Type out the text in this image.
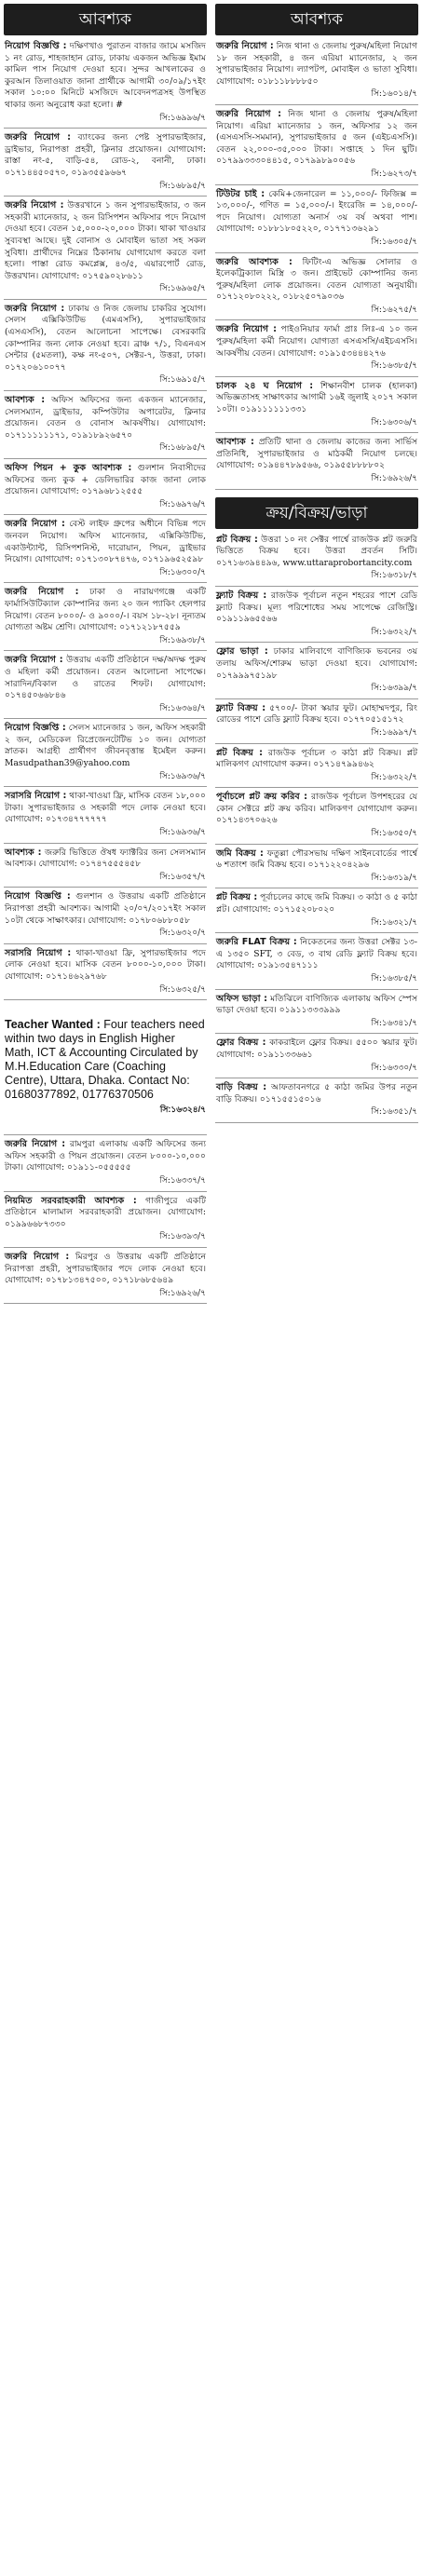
আবশ্যক
নিয়োগ বিজ্ঞপ্তি : দক্ষিণখাও পুরাতন বাজার জামে মসজিদ ১ নং রোড, শাহজাহান রোড, ঢাকায় একজন অভিজ্ঞ ইমাম কামিল পাস নিয়োগ দেওয়া হবে। সুন্দর আখলাকের ও কুরআন তিলাওয়াত জানা প্রার্থীকে আগামী ৩০/০৯/১৭ইং সকাল ১০:০০ মিনিটে মসজিদে আবেদনপত্রসহ উপস্থিত থাকার জন্য অনুরোধ করা হলো। #
সি:১৬৯৯৬/৭
জরুরি নিয়োগ : ব্যাংকের জন্য পেষ্ট সুপারভাইজার, ড্রাইভার, নিরাপত্তা প্রহরী, ক্লিনার প্রয়োজন। যোগাযোগ: রাস্তা নং-৫, বাড়ি-৫৪, রোড-২, বনানী, ঢাকা। ০১৭১৪৪৫০৫৭০, ০১৯৩৫৫৯৬৬৭
সি:১৬৮৯৫/৭
জরুরি নিয়োগ : উত্তরখানে ১ জন সুপারভাইজার, ৩ জন সহকারী ম্যানেজার, ২ জন রিসিপশন অফিসার পদে নিয়োগ দেওয়া হবে। বেতন ১৫,০০০-২০,০০০ টাকা। থাকা খাওয়ার সুব্যবস্থা আছে। দুই বোনাস ও মোবাইল ভাতা সহ সকল সুবিধা। প্রার্থীদের নিম্নের ঠিকানায় যোগাযোগ করতে বলা হলো। পাস্তা রোড কমপ্লেক্স, ৪৩/৫, এয়ারপোর্ট রোড, উত্তরখান। যোগাযোগ: ০১৭৫৯০২৮৬১১
সি:১৬৯৬৫/৭
জরুরি নিয়োগ : ঢাকায় ও নিজ জেলায় চাকরির সুযোগ। সেলস এক্সিকিউটিভ (এমএসসি), সুপারভাইজার (এসএসসি), বেতন আলোচনা সাপেক্ষে। বেসরকারি কোম্পানির জন্য লোক নেওয়া হবে। ব্রাঞ্চ ৭/১, বিএনএস সেন্টার (৫মতলা), কক্ষ নং-৫০৭, সেক্টর-৭, উত্তরা, ঢাকা। ০১৭২০৬১০০৭৭
সি:১৬৯১৫/৭
আবশ্যক : অফিস অফিসের জন্য একজন ম্যানেজার, সেলসম্যান, ড্রাইভার, কম্পিউটার অপারেটর, ক্লিনার প্রয়োজন। বেতন ও বোনাস আকর্ষণীয়। যোগাযোগ: ০১৭১১১১১১৭১, ০১৯১৮৯২৬৫৭০
সি:১৬৮৯৫/৭
অফিস পিয়ন + কুক আবশ্যক : গুলশান নিবাসীদের অফিসের জন্য কুক + ডেলিভারির কাজ জানা লোক প্রয়োজন। যোগাযোগ: ০১৭৯৬৮১২৫৫৫
সি:১৬৯৭৬/৭
জরুরি নিয়োগ : বেস্ট লাইফ গ্রুপের অধীনে বিভিন্ন পদে জনবল নিয়োগ। অফিস ম্যানেজার, এক্সিকিউটিভ, একাউন্ট্যান্ট, রিসিপশনিস্ট, দারোয়ান, পিয়ন, ড্রাইভার নিয়োগ। যোগাযোগ: ০১৭১৩০৮৭৪৭৬, ০১৭১৯৬৫২৫৯৮
সি:১৬৩০০/৭
জরুরি নিয়োগ : ঢাকা ও নারায়ণগঞ্জে একটি ফার্মাসিউটিক্যাল কোম্পানির জন্য ২০ জন প্যাকিং হেলপার নিয়োগ। বেতন ৮০০০/- ও ৯০০০/-। বয়স ১৮-২৮। নূন্যতম যোগ্যতা অষ্টম শ্রেণি। যোগাযোগ: ০১৭১২১৮৭৫৫৯
সি:১৬৯৩৮/৭
জরুরি নিয়োগ : উত্তরায় একটি প্রতিষ্ঠানে দক্ষ/অদক্ষ পুরুষ ও মহিলা কর্মী প্রয়োজন। বেতন আলোচনা সাপেক্ষে। সারাদিন/বিকাল ও রাতের শিফট। যোগাযোগ: ০১৭৪৫০৬৬৮৪৬
সি:১৬৩৬৪/৭
নিয়োগ বিজ্ঞপ্তি : সেলস ম্যানেজার ১ জন, অফিস সহকারী ২ জন, মেডিকেল রিপ্রেজেনটেটিভ ১০ জন। যোগ্যতা স্নাতক। আগ্রহী প্রার্থীগণ জীবনবৃত্তান্ত ইমেইল করুন। Masudpathan39@yahoo.com
সি:১৬৯৩৬/৭
সরাসরি নিয়োগ : থাকা-খাওয়া ফ্রি, মাসিক বেতন ১৮,০০০ টাকা। সুপারভাইজার ও সহকারী পদে লোক নেওয়া হবে। যোগাযোগ: ০১৭৩৪৭৭৭৭৭৭
সি:১৬৯৩৬/৭
আবশ্যক : জরুরি ভিত্তিতে ঔষধ ফ্যাক্টরির জন্য সেলসম্যান আবশ্যক। যোগাযোগ: ০১৭৪৭৫৫৫৪৫৮
সি:১৬৩৫৭/৭
নিয়োগ বিজ্ঞপ্তি : গুলশান ও উত্তরায় একটি প্রতিষ্ঠানে নিরাপত্তা প্রহরী আবশ্যক। আগামী ২০/০৭/২০১৭ইং সকাল ১০টা থেকে সাক্ষাৎকার। যোগাযোগ: ০১৭৮০৬৮৮০৫৮
সি:১৬৩২০/৭
সরাসরি নিয়োগ : থাকা-খাওয়া ফ্রি, সুপারভাইজার পদে লোক নেওয়া হবে। মাসিক বেতন ৮০০০-১০,০০০ টাকা। যোগাযোগ: ০১৭১৪৬২৯৭৬৮
সি:১৬৩২৫/৭

Teacher Wanted : Four teachers need within two days in English Higher Math, ICT & Accounting Circulated by M.H.Education Care (Coaching Centre), Uttara, Dhaka. Contact No: 01680377892, 01776370506

সি:১৬৩২৪/৭

জরুরি নিয়োগ : রামপুরা এলাকায় একটি অফিসের জন্য অফিস সহকারী ও পিয়ন প্রয়োজন। বেতন ৮০০০-১০,০০০ টাকা। যোগাযোগ: ০১৯১১-০৫৫৫৫৫
সি:১৬৩৩৭/৭
নিয়মিত সরবরাহকারী আবশ্যক : গাজীপুরে একটি প্রতিষ্ঠানে মালামাল সরবরাহকারী প্রয়োজন। যোগাযোগ: ০১৯৯৬৬৮৭৩৩০
সি:১৬৩৯৩/৭
জরুরি নিয়োগ : মিরপুর ও উত্তরায় একটি প্রতিষ্ঠানে নিরাপত্তা প্রহরী, সুপারভাইজার পদে লোক নেওয়া হবে। যোগাযোগ: ০১৭৮১৩৪৭৫০০, ০১৭১৮৬৮৫৬৪৯
সি:১৬৯২৬/৭
আবশ্যক
জরুরি নিয়োগ : নিজ থানা ও জেলায় পুরুষ/মহিলা নিয়োগ ১৮ জন সহকারী, ৪ জন এরিয়া ম্যানেজার, ২ জন সুপারভাইজার নিয়োগ। ল্যাপটপ, মোবাইল ও ভাতা সুবিধা। যোগাযোগ: ০১৮১১৮৮৮৮৫০
সি:১৬০১৪/৭
জরুরি নিয়োগ : নিজ থানা ও জেলায় পুরুষ/মহিলা নিয়োগ। এরিয়া ম্যানেজার ১ জন, অফিসার ১২ জন (এসএসসি-সমমান), সুপারভাইজার ৫ জন (এইচএসসি)। বেতন ২২,০০০-৩৫,০০০ টাকা। সপ্তাহে ১ দিন ছুটি। ০১৭৯৯৩৩৩০৪৪১৫, ০১৭৯৯৮৯০০৫৬
সি:১৬২৭৩/৭
টিউটর চাই : কেমি+জেনারেল = ১১,০০০/- ফিজিক্স = ১৩,০০০/-, গণিত = ১৫,০০০/-। ইংরেজি = ১৪,০০০/- পদে নিয়োগ। যোগ্যতা অনার্স ৩য় বর্ষ অথবা পাশ। যোগাযোগ: ০১৮৮১৮০৫২২০, ০১৭৭১৩৬২৯১
সি:১৬৩০৫/৭
জরুরি আবশ্যক : ফিটিং-এ অভিজ্ঞ সোলার ও ইলেকট্রিক্যাল মিস্ত্রি ৩ জন। প্রাইভেট কোম্পানির জন্য পুরুষ/মহিলা লোক প্রয়োজন। বেতন যোগ্যতা অনুযায়ী। ০১৭১২০৮০২২২, ০১৮২৫০৭৯০৩৬
সি:১৬২৭৫/৭
জরুরি নিয়োগ : পাইওনিয়ার ফার্মা প্রাঃ লিঃ-এ ১০ জন পুরুষ/মহিলা কর্মী নিয়োগ। যোগ্যতা এসএসসি/এইচএসসি। আকর্ষণীয় বেতন। যোগাযোগ: ০১৯১৫৩৪৪৪২৭৬
সি:১৬৩৮৫/৭
চালক ২৪ ঘ নিয়োগ : শিক্ষানবীশ চালক (হালকা) অভিজ্ঞতাসহ সাক্ষাৎকার আগামী ১৬ই জুলাই ২০১৭ সকাল ১০টা। ০১৯১১১১১১৩৩১
সি:১৬৩০৬/৭
আবশ্যক : প্রতিটি থানা ও জেলায় কাজের জন্য সার্ভিস প্রতিনিধি, সুপারভাইজার ও মাঠকর্মী নিয়োগ চলছে। যোগাযোগ: ০১৯৪৪৭৮৯৫৬৬, ০১৯৫৫৮৮৮৮০২
সি:১৬৯২৬/৭
ক্রয়/বিক্রয়/ভাড়া
প্লট বিক্রয় : উত্তরা ১০ নং সেক্টর পার্শ্বে রাজউক প্লট জরুরি ভিত্তিতে বিক্রয় হবে। উত্তরা প্রবর্তন সিটি। ০১৭১৬৩৯৪৪৯৬, www.uttaraprobortancity.com
সি:১৬৩১৮/৭
ফ্ল্যাট বিক্রয় : রাজউক পূর্বাচল নতুন শহরের পাশে রেডি ফ্ল্যাট বিক্রয়। মূল্য পরিশোধের সময় সাপেক্ষে রেজিস্ট্রি। ০১৯১১৯৬৫৫৬৬
সি:১৬৩২২/৭
ফ্লোর ভাড়া : ঢাকার মালিবাগে বাণিজ্যিক ভবনের ৩য় তলায় অফিস/শোরুম ভাড়া দেওয়া হবে। যোগাযোগ: ০১৭৯৯৯৭৫১৯৮
সি:১৬৩৯৯/৭
ফ্ল্যাট বিক্রয় : ৫৭০০/- টাকা স্কয়ার ফুট। মোহাম্মদপুর, রিং রোডের পাশে রেডি ফ্ল্যাট বিক্রয় হবে। ০১৭৭০৫১৫১৭২
সি:১৬৯৯৭/৭
প্লট বিক্রয় : রাজউক পূর্বাচল ৩ কাঠা প্লট বিক্রয়। প্লট মালিকগণ যোগাযোগ করুন। ০১৭১৪৭৯৯৪৬২
সি:১৬৩২২/৭
পূর্বাচলে প্লট ক্রয় করিব : রাজউক পূর্বাচল উপশহরের যে কোন সেক্টরে প্লট ক্রয় করিব। মালিকগণ যোগাযোগ করুন। ০১৭১৪৩৭০৬২৬
সি:১৬৩৫০/৭
জমি বিক্রয় : ফতুল্লা পৌরসভায় দক্ষিণ সাইনবোর্ডের পার্শ্বে ৬ শতাংশ জমি বিক্রয় হবে। ০১৭১২২০৪২৯৬
সি:১৬৩১৯/৭
প্লট বিক্রয় : পূর্বাচলের কাছে জমি বিক্রয়। ৩ কাঠা ও ৫ কাঠা প্লট। যোগাযোগ: ০১৭১৫২০৮০২০
সি:১৬৩২১/৭
জরুরি FLAT বিক্রয় : নিকেতনের জন্য উত্তরা সেক্টর ১৩-এ ১৩৫০ SFT, ৩ বেড, ৩ বাথ রেডি ফ্ল্যাট বিক্রয় হবে। যোগাযোগ: ০১৯১৩৫৪৭১১১
সি:১৬৩৮৫/৭
অফিস ভাড়া : মতিঝিলে বাণিজ্যিক এলাকায় অফিস স্পেস ভাড়া দেওয়া হবে। ০১৯১১৩৩৩৯৯৯
সি:১৬৩৪১/৭
ফ্লোর বিক্রয় : কাকরাইলে ফ্লোর বিক্রয়। ৫৫০০ স্কয়ার ফুট। যোগাযোগ: ০১৯১১৩৩৬৬১
সি:১৬৩৩০/৭
বাড়ি বিক্রয় : আফতাবনগরে ৫ কাঠা জমির উপর নতুন বাড়ি বিক্রয়। ০১৭১৫৫১৫০১৬
সি:১৬৩৫১/৭
